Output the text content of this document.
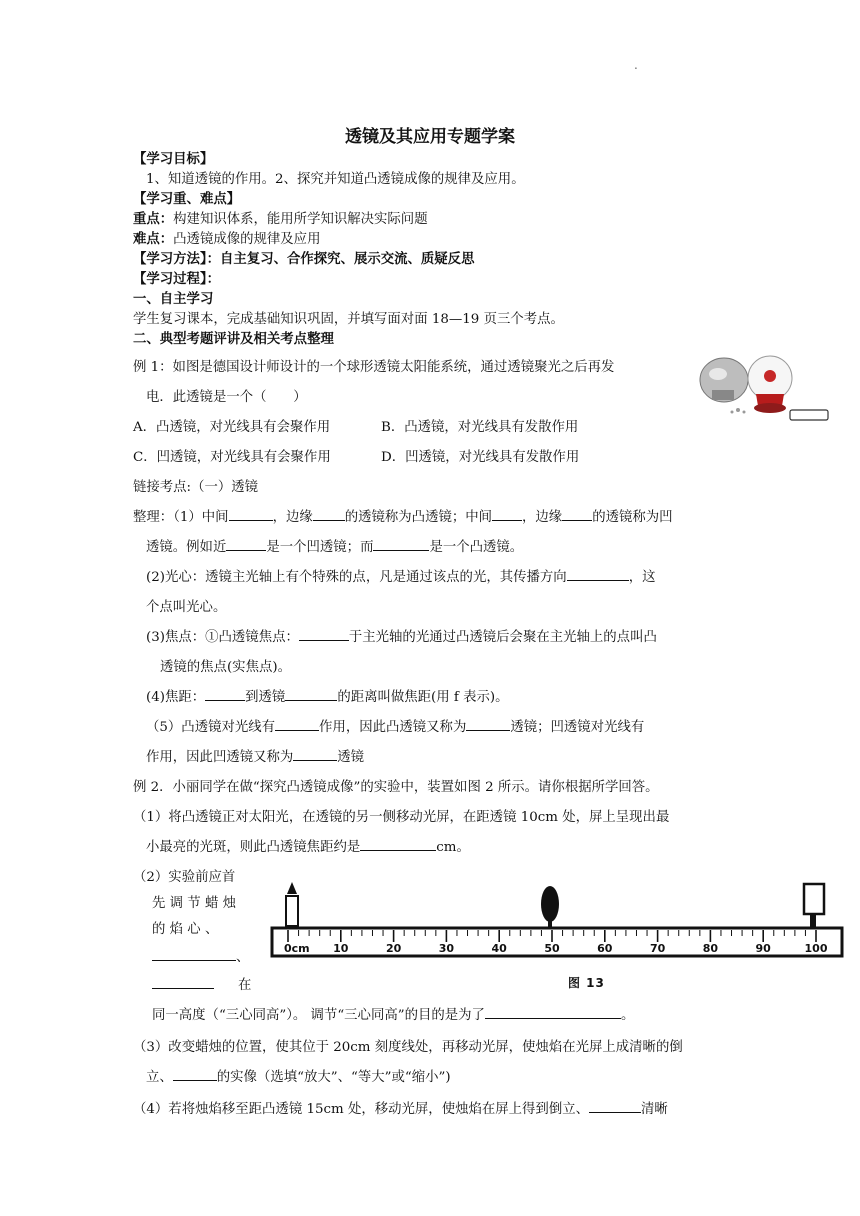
.
透镜及其应用专题学案
【学习目标】
1、知道透镜的作用。2、探究并知道凸透镜成像的规律及应用。
【学习重、难点】
重点：构建知识体系，能用所学知识解决实际问题
难点：凸透镜成像的规律及应用
【学习方法】：自主复习、合作探究、展示交流、质疑反思
【学习过程】：
一、自主学习
学生复习课本，完成基础知识巩固，并填写面对面 18—19 页三个考点。
二、典型考题评讲及相关考点整理
例 1：如图是德国设计师设计的一个球形透镜太阳能系统，通过透镜聚光之后再发
电．此透镜是一个（　　）
A．凸透镜，对光线具有会聚作用	B．凸透镜，对光线具有发散作用
C．凹透镜，对光线具有会聚作用	D．凹透镜，对光线具有发散作用
链接考点:（一）透镜
整理：（1）中间	，边缘 的透镜称为凸透镜；中间 ，边缘 的透镜称为凹
透镜。例如近	是一个凹透镜；而	是一个凸透镜。
(2)光心：透镜主光轴上有个特殊的点，凡是通过该点的光，其传播方向	，这
个点叫光心。
(3)焦点：①凸透镜焦点：	于主光轴的光通过凸透镜后会聚在主光轴上的点叫凸
透镜的焦点(实焦点)。
(4)焦距：	到透镜	的距离叫做焦距(用 f 表示)。
（5）凸透镜对光线有	作用，因此凸透镜又称为	透镜；凹透镜对光线有
作用，因此凹透镜又称为	透镜
例 2．小丽同学在做“探究凸透镜成像”的实验中，装置如图 2 所示。请你根据所学回答。
（1）将凸透镜正对太阳光，在透镜的另一侧移动光屏，在距透镜 10cm 处，屏上呈现出最
小最亮的光斑，则此凸透镜焦距约是	cm。
（2）实验前应首
先 调 节 蜡 烛
的 焰 心 、
、
在
0cm 10	20	30	40	50	60	70	80	90	100
图 13
同一高度（“三心同高”）。 调节“三心同高”的目的是为了	。
（3）改变蜡烛的位置，使其位于 20cm 刻度线处，再移动光屏，使烛焰在光屏上成清晰的倒
立、	的实像（选填“放大”、“等大”或“缩小”)
（4）若将烛焰移至距凸透镜 15cm 处，移动光屏，使烛焰在屏上得到倒立、	清晰
